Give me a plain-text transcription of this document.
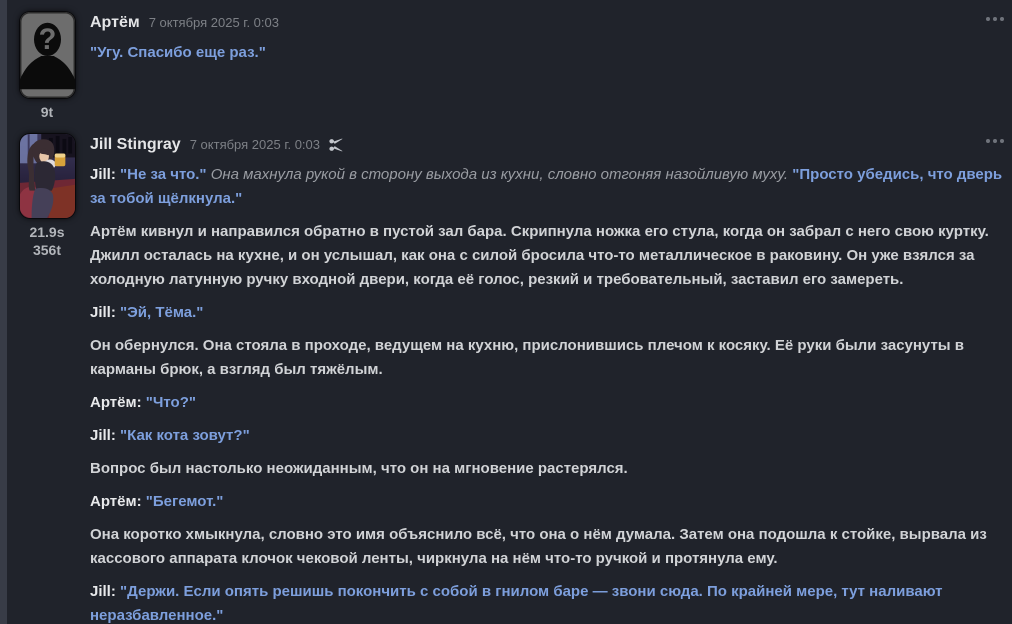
?
9t
Артём 7 октября 2025 г. 0:03

"Угу. Спасибо еще раз."

21.9s
356t
Jill Stingray 7 октября 2025 г. 0:03

Jill: "Не за что." Она махнула рукой в сторону выхода из кухни, словно отгоняя назойливую муху. "Просто убедись, что дверь за тобой щёлкнула."

Артём кивнул и направился обратно в пустой зал бара. Скрипнула ножка его стула, когда он забрал с него свою куртку. Джилл осталась на кухне, и он услышал, как она с силой бросила что-то металлическое в раковину. Он уже взялся за холодную латунную ручку входной двери, когда её голос, резкий и требовательный, заставил его замереть.

Jill: "Эй, Тёма."

Он обернулся. Она стояла в проходе, ведущем на кухню, прислонившись плечом к косяку. Её руки были засунуты в карманы брюк, а взгляд был тяжёлым.

Артём: "Что?"

Jill: "Как кота зовут?"

Вопрос был настолько неожиданным, что он на мгновение растерялся.

Артём: "Бегемот."

Она коротко хмыкнула, словно это имя объяснило всё, что она о нём думала. Затем она подошла к стойке, вырвала из кассового аппарата клочок чековой ленты, чиркнула на нём что-то ручкой и протянула ему.

Jill: "Держи. Если опять решишь покончить с собой в гнилом баре — звони сюда. По крайней мере, тут наливают неразбавленное."
